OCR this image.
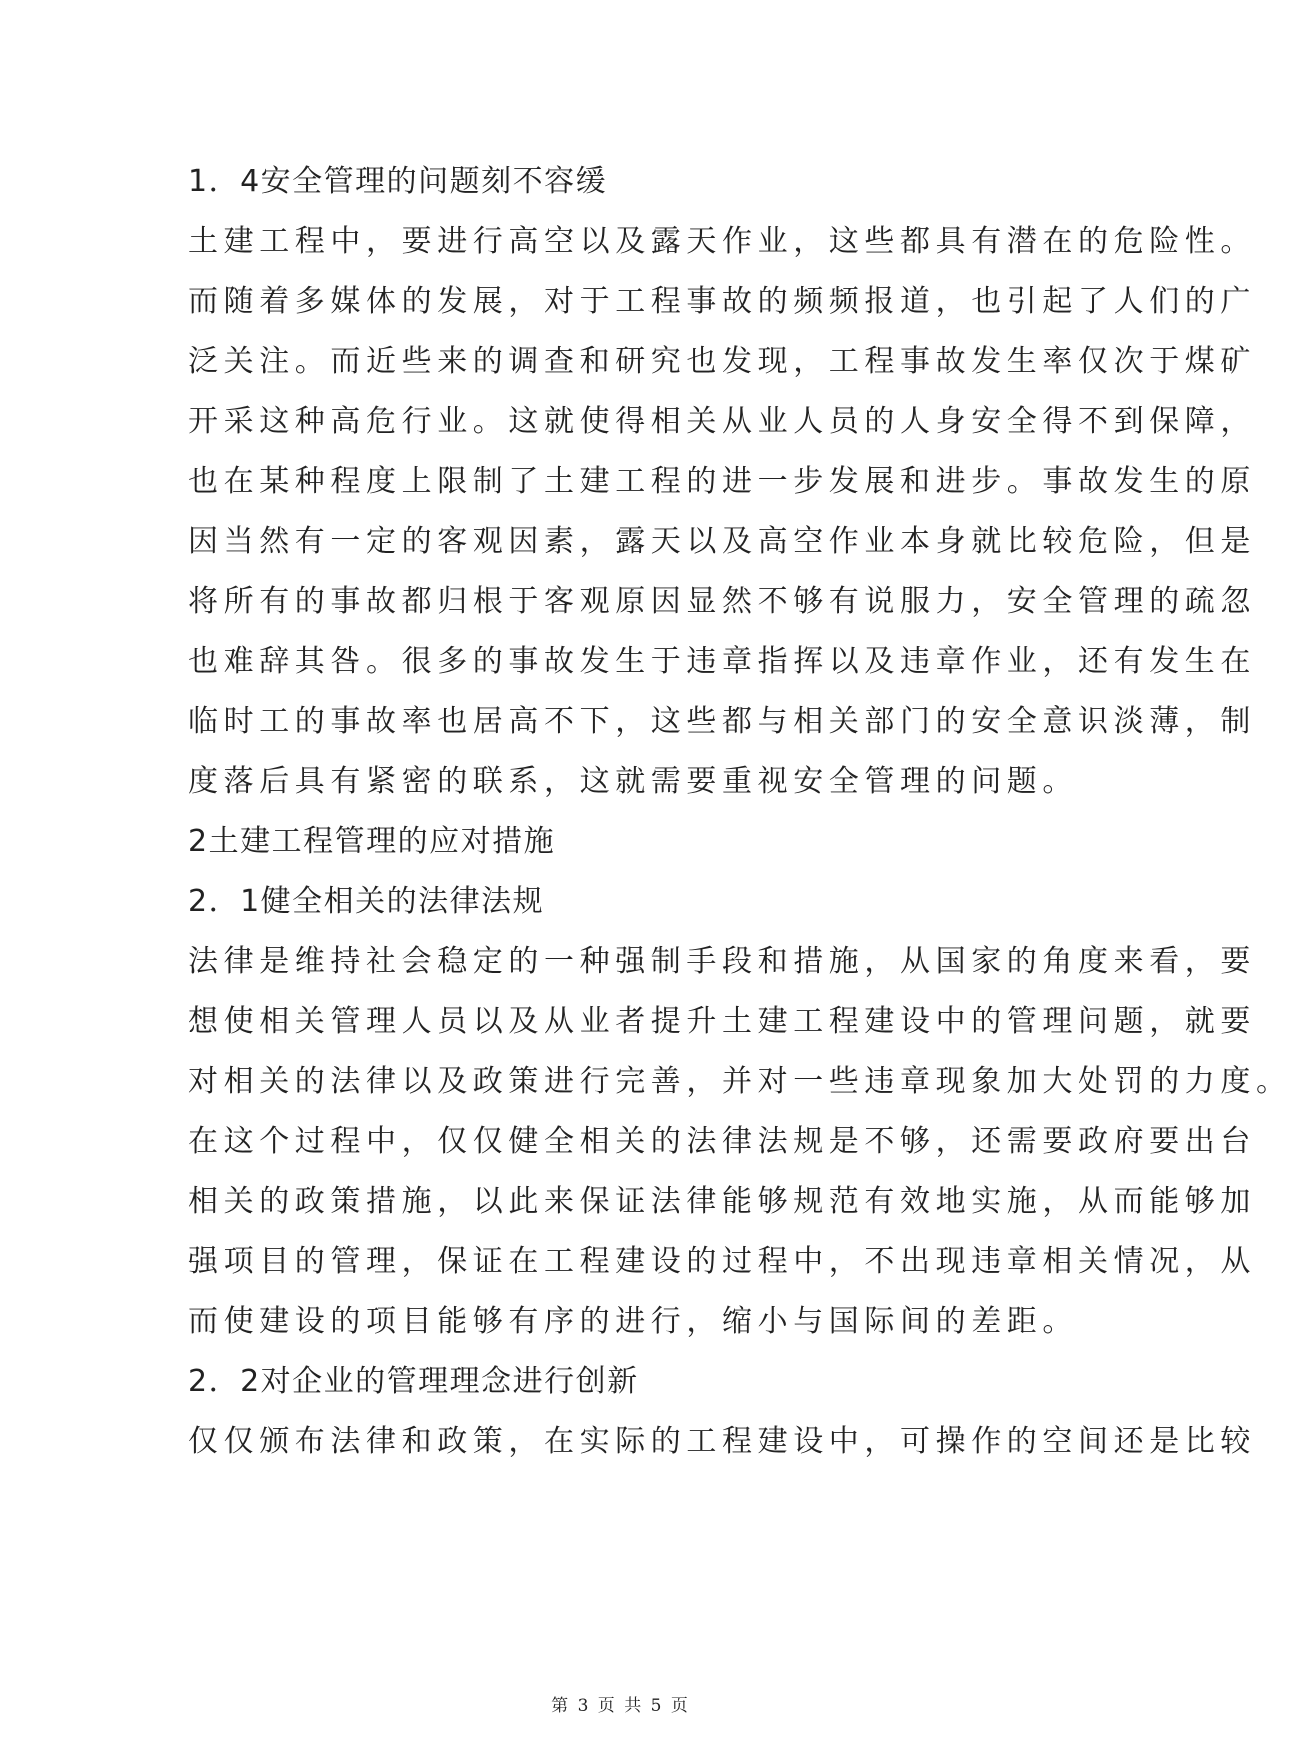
1．4安全管理的问题刻不容缓
土建工程中，要进行高空以及露天作业，这些都具有潜在的危险性。
而随着多媒体的发展，对于工程事故的频频报道，也引起了人们的广
泛关注。而近些来的调查和研究也发现，工程事故发生率仅次于煤矿
开采这种高危行业。这就使得相关从业人员的人身安全得不到保障，
也在某种程度上限制了土建工程的进一步发展和进步。事故发生的原
因当然有一定的客观因素，露天以及高空作业本身就比较危险，但是
将所有的事故都归根于客观原因显然不够有说服力，安全管理的疏忽
也难辞其咎。很多的事故发生于违章指挥以及违章作业，还有发生在
临时工的事故率也居高不下，这些都与相关部门的安全意识淡薄，制
度落后具有紧密的联系，这就需要重视安全管理的问题。
2土建工程管理的应对措施
2．1健全相关的法律法规
法律是维持社会稳定的一种强制手段和措施，从国家的角度来看，要
想使相关管理人员以及从业者提升土建工程建设中的管理问题，就要
对相关的法律以及政策进行完善，并对一些违章现象加大处罚的力度。
在这个过程中，仅仅健全相关的法律法规是不够，还需要政府要出台
相关的政策措施，以此来保证法律能够规范有效地实施，从而能够加
强项目的管理，保证在工程建设的过程中，不出现违章相关情况，从
而使建设的项目能够有序的进行，缩小与国际间的差距。
2．2对企业的管理理念进行创新
仅仅颁布法律和政策，在实际的工程建设中，可操作的空间还是比较
第 3 页 共 5 页
